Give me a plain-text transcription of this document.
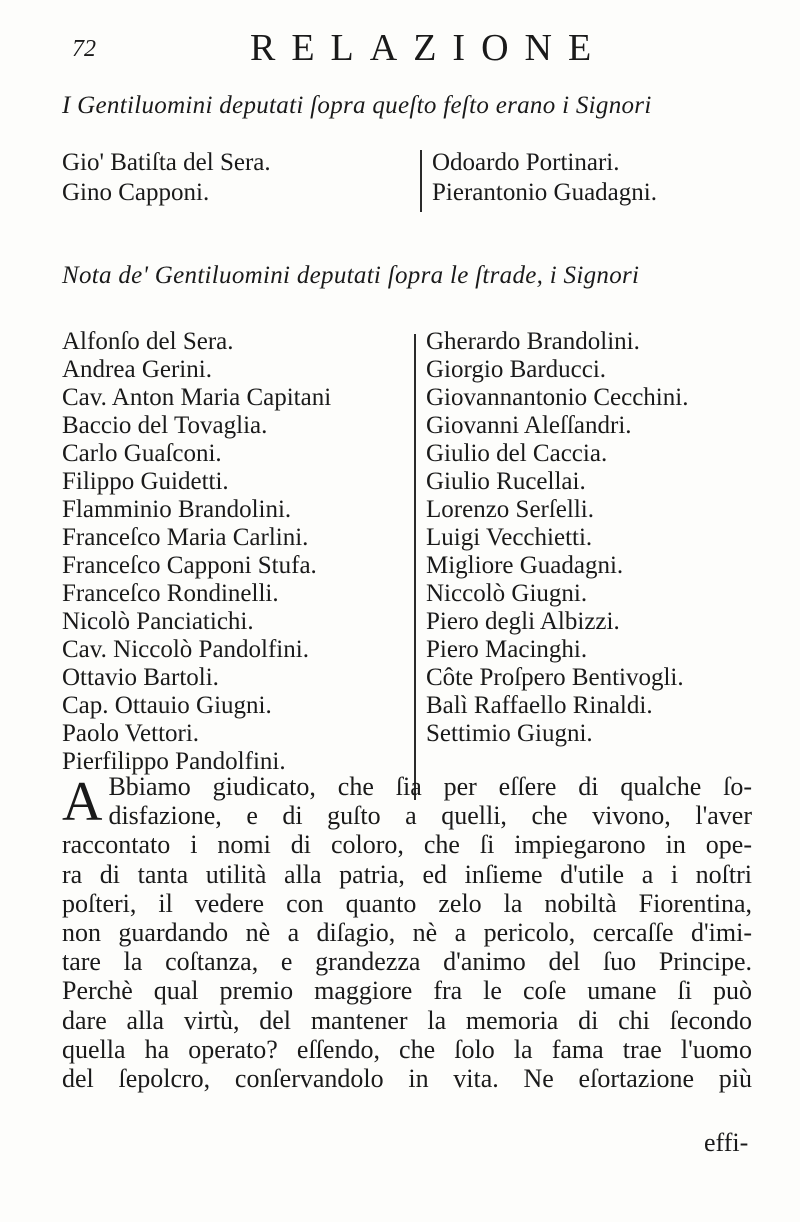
72	RELAZIONE
I Gentiluomini deputati ſopra queſto feſto erano i Signori
Gio' Batiſta del Sera.
Gino Capponi.
Odoardo Portinari.
Pierantonio Guadagni.
Nota de' Gentiluomini deputati ſopra le ſtrade, i Signori
Alfonſo del Sera.
Andrea Gerini.
Cav. Anton Maria Capitani
Baccio del Tovaglia.
Carlo Guaſconi.
Filippo Guidetti.
Flamminio Brandolini.
Franceſco Maria Carlini.
Franceſco Capponi Stufa.
Franceſco Rondinelli.
Nicolò Panciatichi.
Cav. Niccolò Pandolfini.
Ottavio Bartoli.
Cap. Ottauio Giugni.
Paolo Vettori.
Pierfilippo Pandolfini.
Gherardo Brandolini.
Giorgio Barducci.
Giovannantonio Cecchini.
Giovanni Aleſſandri.
Giulio del Caccia.
Giulio Rucellai.
Lorenzo Serſelli.
Luigi Vecchietti.
Migliore Guadagni.
Niccolò Giugni.
Piero degli Albizzi.
Piero Macinghi.
Côte Proſpero Bentivogli.
Balì Raffaello Rinaldi.
Settimio Giugni.
A Bbiamo giudicato, che ſia per eſſere di qualche ſo-
disfazione, e di guſto a quelli, che vivono, l'aver
raccontato i nomi di coloro, che ſi impiegarono in ope-
ra di tanta utilità alla patria, ed inſieme d'utile a i noſtri
poſteri, il vedere con quanto zelo la nobiltà Fiorentina,
non guardando nè a diſagio, nè a pericolo, cercaſſe d'imi-
tare la coſtanza, e grandezza d'animo del ſuo Principe.
Perchè qual premio maggiore fra le coſe umane ſi può
dare alla virtù, del mantener la memoria di chi ſecondo
quella ha operato? eſſendo, che ſolo la fama trae l'uomo
del ſepolcro, conſervandolo in vita. Ne eſortazione più
effi-
